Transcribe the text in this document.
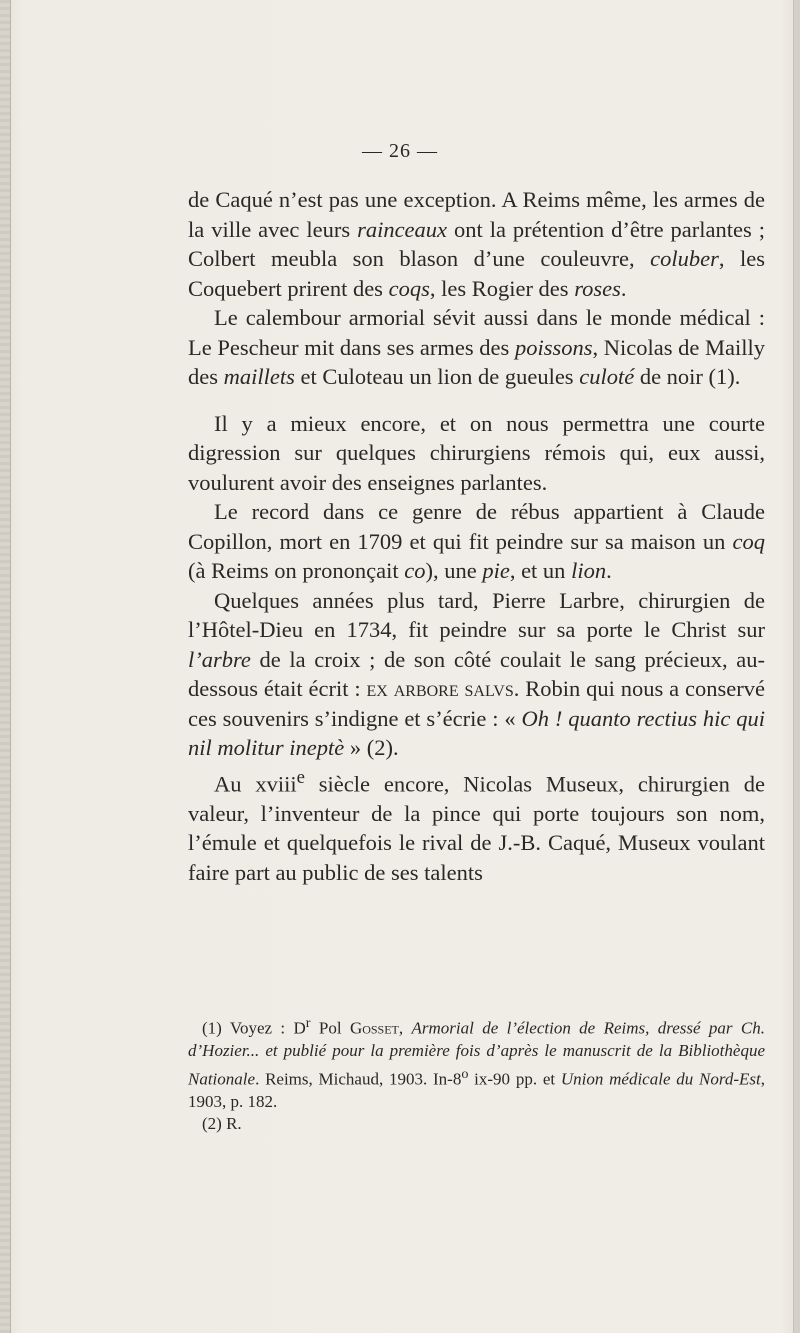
— 26 —

de Caqué n’est pas une exception. A Reims même, les armes de la ville avec leurs rainceaux ont la prétention d’être parlantes ; Colbert meubla son blason d’une couleuvre, coluber, les Coquebert prirent des coqs, les Rogier des roses.

Le calembour armorial sévit aussi dans le monde médical : Le Pescheur mit dans ses armes des poissons, Nicolas de Mailly des maillets et Culoteau un lion de gueules culoté de noir (1).

Il y a mieux encore, et on nous permettra une courte digression sur quelques chirurgiens rémois qui, eux aussi, voulurent avoir des enseignes parlantes.

Le record dans ce genre de rébus appartient à Claude Copillon, mort en 1709 et qui fit peindre sur sa maison un coq (à Reims on prononçait co), une pie, et un lion.

Quelques années plus tard, Pierre Larbre, chirurgien de l’Hôtel-Dieu en 1734, fit peindre sur sa porte le Christ sur l’arbre de la croix ; de son côté coulait le sang précieux, au-dessous était écrit : ex arbore salvs. Robin qui nous a conservé ces souvenirs s’indigne et s’écrie : « Oh ! quanto rectius hic qui nil molitur ineptè » (2).

Au xviii$^e$ siècle encore, Nicolas Museux, chirurgien de valeur, l’inventeur de la pince qui porte toujours son nom, l’émule et quelquefois le rival de J.-B. Caqué, Museux voulant faire part au public de ses talents

(1) Voyez : $D^r$ Pol Gosset, Armorial de l’élection de Reims, dressé par Ch. d’Hozier... et publié pour la première fois d’après le manuscrit de la Bibliothèque Nationale. Reims, Michaud, 1903. In-8$^o$ ix-90 pp. et Union médicale du Nord-Est, 1903, p. 182.

(2) R.
